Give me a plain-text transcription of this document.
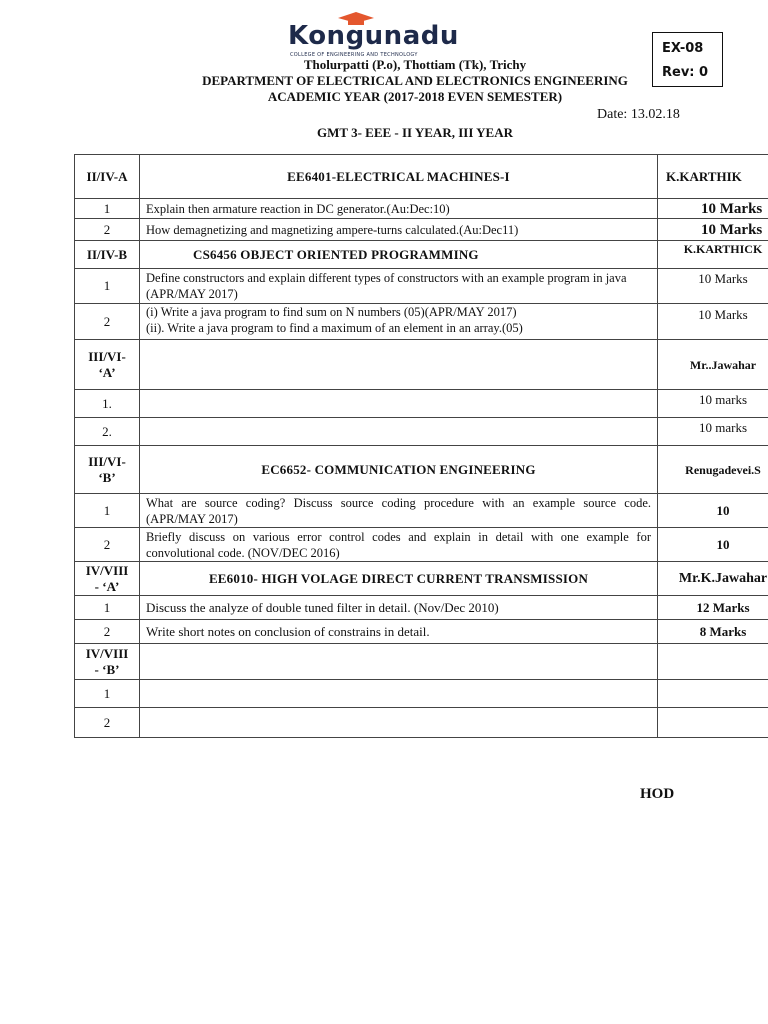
Kongunadu
COLLEGE OF ENGINEERING AND TECHNOLOGY
Tholurpatti (P.o), Thottiam (Tk), Trichy
DEPARTMENT OF ELECTRICAL AND ELECTRONICS ENGINEERING
ACADEMIC YEAR (2017-2018 EVEN SEMESTER)
EX-08
Rev: 0
Date: 13.02.18
GMT 3- EEE - II YEAR, III YEAR
II/IV-A	EE6401-ELECTRICAL MACHINES-I	K.KARTHIK
1	Explain then armature reaction in DC generator.(Au:Dec:10)	10 Marks
2	How demagnetizing and magnetizing ampere-turns calculated.(Au:Dec11)	10 Marks
II/IV-B	CS6456 OBJECT ORIENTED PROGRAMMING	K.KARTHICK
1	Define constructors and explain different types of constructors with an example program in java (APR/MAY 2017)	10 Marks
2	(i) Write a java program to find sum on N numbers (05)(APR/MAY 2017)
(ii). Write a java program to find a maximum of an element in an array.(05)	10 Marks

III/VI-
‘A’		Mr..Jawahar
1.		10 marks
2.		10 marks

III/VI-
‘B’	EC6652- COMMUNICATION ENGINEERING	Renugadevei.S
1	What are source coding? Discuss source coding procedure with an example source code. (APR/MAY 2017)	10
2	Briefly discuss on various error control codes and explain in detail with one example for convolutional code. (NOV/DEC 2016)	10

IV/VIII
- ‘A’	EE6010- HIGH VOLAGE DIRECT CURRENT TRANSMISSION	Mr.K.Jawahar
1	Discuss the analyze of double tuned filter in detail. (Nov/Dec 2010)	12 Marks
2	Write short notes on conclusion of constrains in detail.	8 Marks

IV/VIII
- ‘B’		

1		
2		
HOD
